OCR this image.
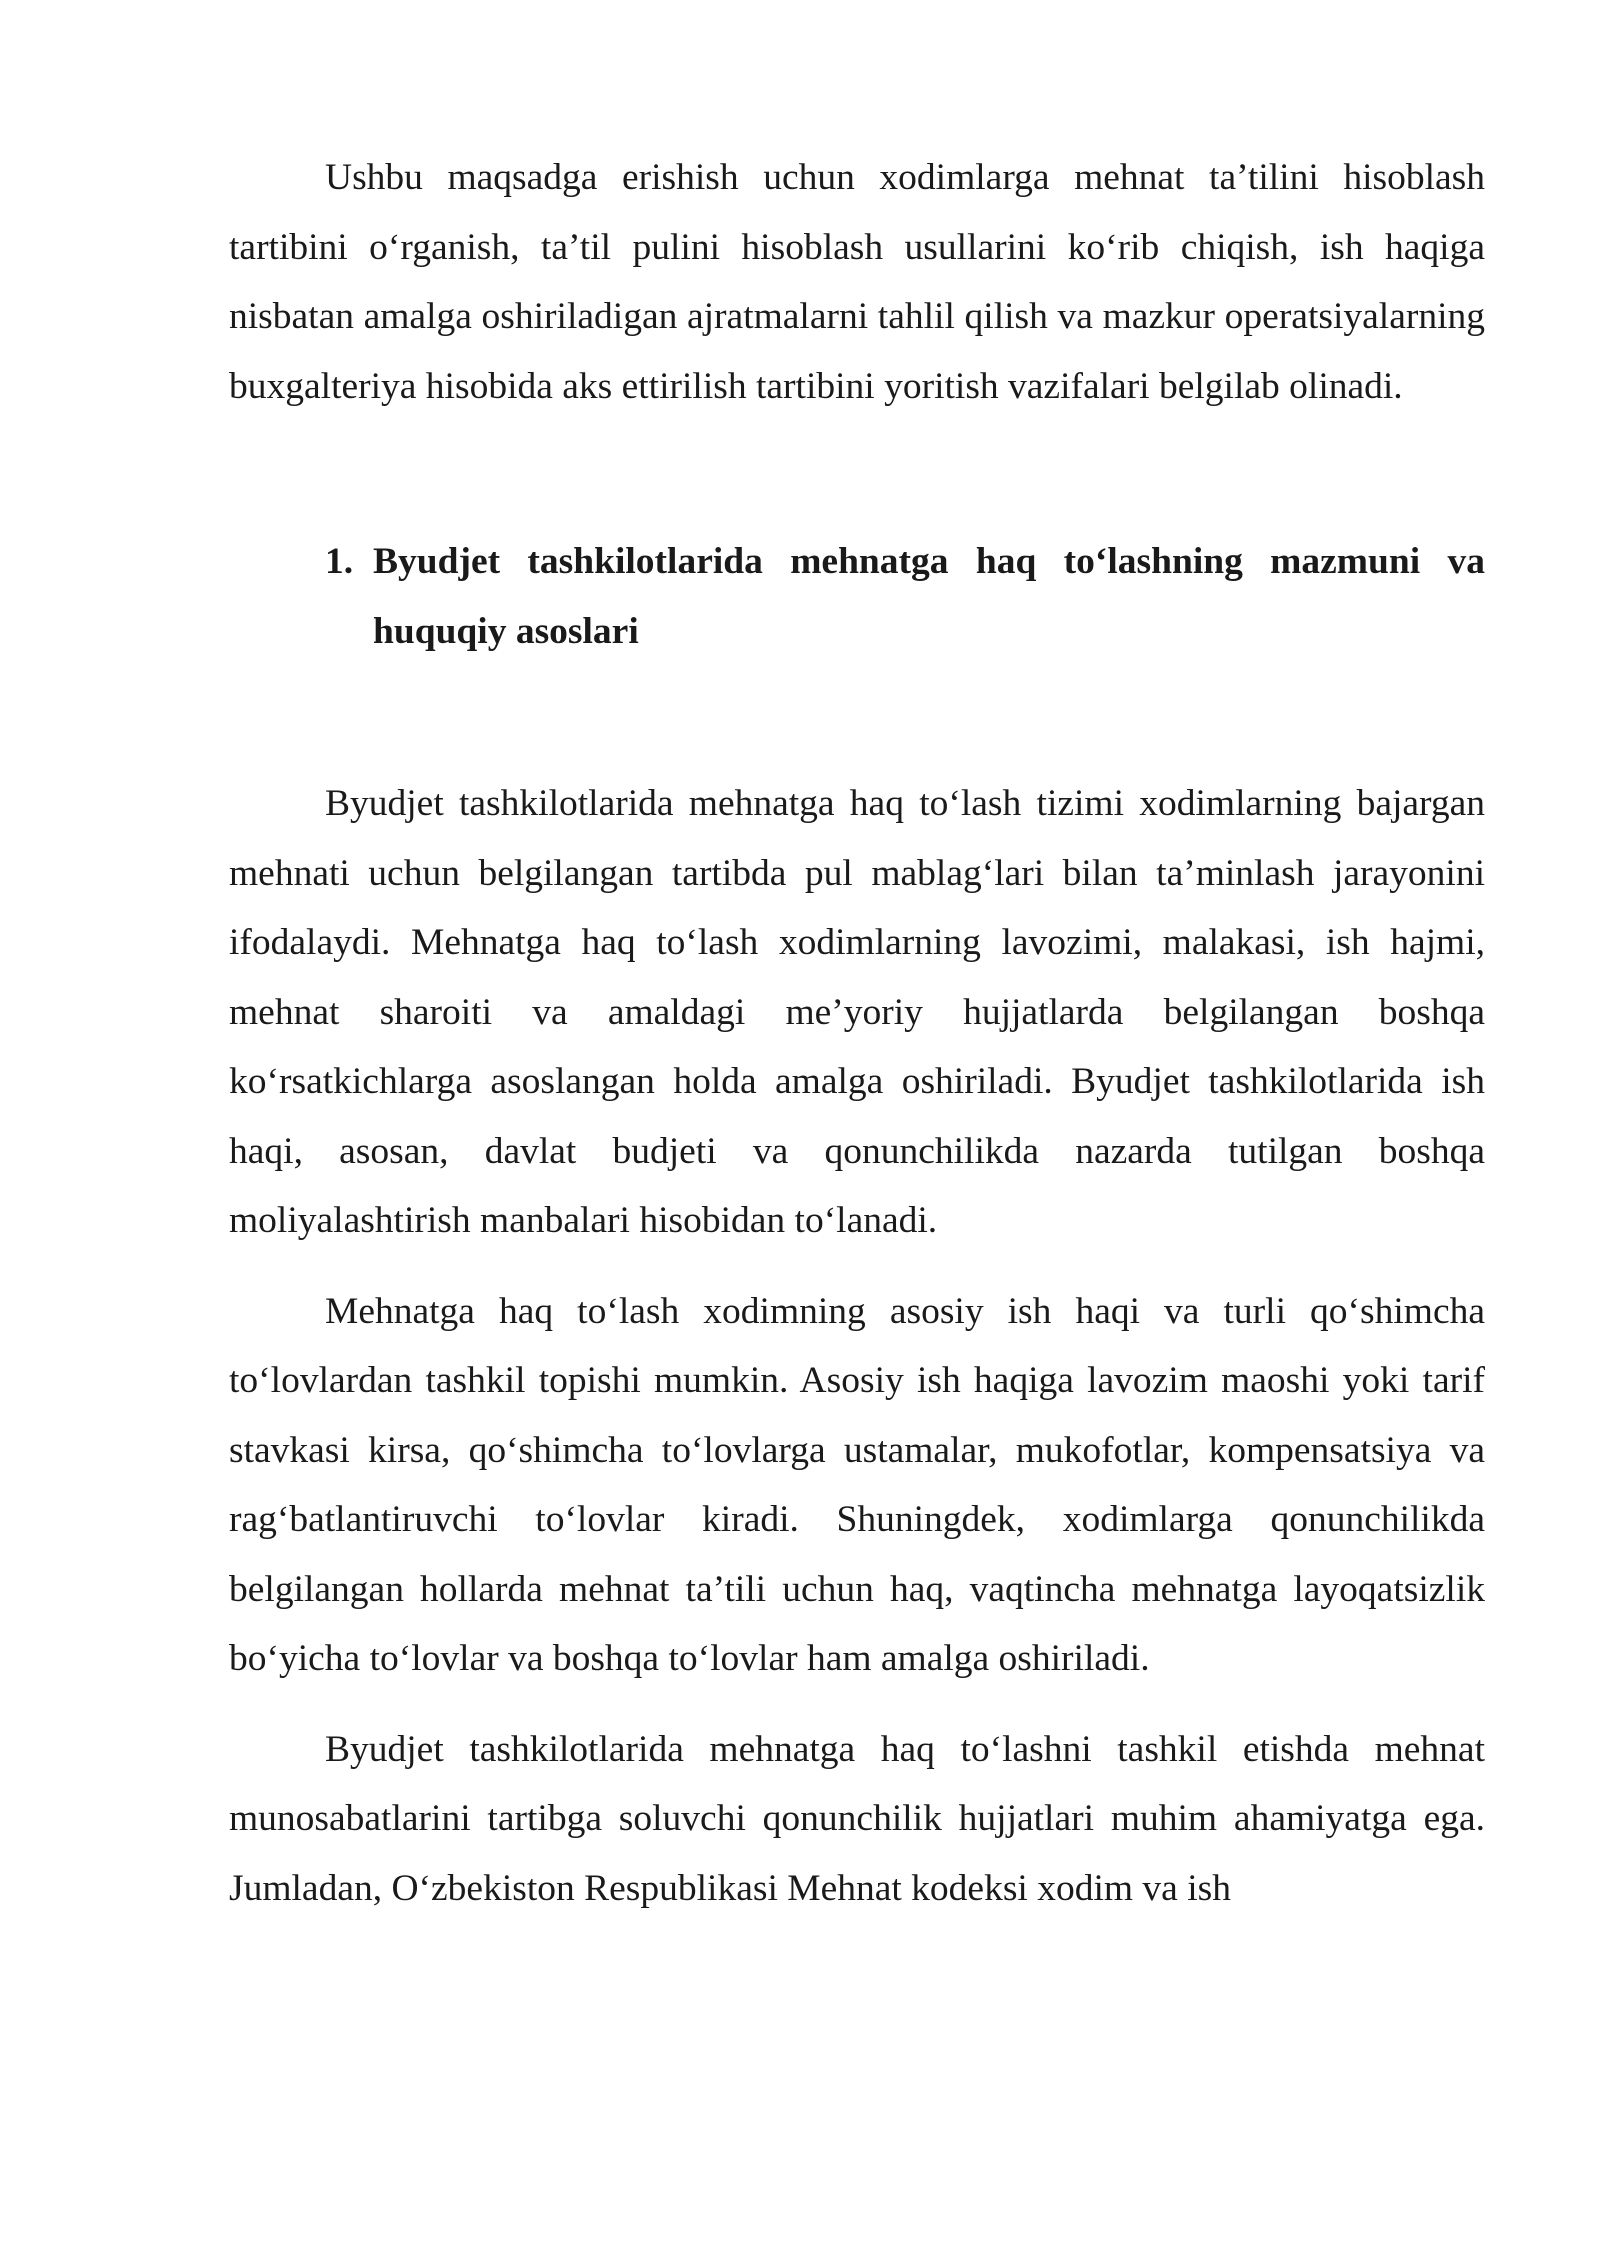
Ushbu maqsadga erishish uchun xodimlarga mehnat ta’tilini hisoblash tartibini o‘rganish, ta’til pulini hisoblash usullarini ko‘rib chiqish, ish haqiga nisbatan amalga oshiriladigan ajratmalarni tahlil qilish va mazkur operatsiyalarning buxgalteriya hisobida aks ettirilish tartibini yoritish vazifalari belgilab olinadi.

1. Byudjet tashkilotlarida mehnatga haq to‘lashning mazmuni va huquqiy asoslari

Byudjet tashkilotlarida mehnatga haq to‘lash tizimi xodimlarning bajargan mehnati uchun belgilangan tartibda pul mablag‘lari bilan ta’minlash jarayonini ifodalaydi. Mehnatga haq to‘lash xodimlarning lavozimi, malakasi, ish hajmi, mehnat sharoiti va amaldagi me’yoriy hujjatlarda belgilangan boshqa ko‘rsatkichlarga asoslangan holda amalga oshiriladi. Byudjet tashkilotlarida ish haqi, asosan, davlat budjeti va qonunchilikda nazarda tutilgan boshqa moliyalashtirish manbalari hisobidan to‘lanadi.

Mehnatga haq to‘lash xodimning asosiy ish haqi va turli qo‘shimcha to‘lovlardan tashkil topishi mumkin. Asosiy ish haqiga lavozim maoshi yoki tarif stavkasi kirsa, qo‘shimcha to‘lovlarga ustamalar, mukofotlar, kompensatsiya va rag‘batlantiruvchi to‘lovlar kiradi. Shuningdek, xodimlarga qonunchilikda belgilangan hollarda mehnat ta’tili uchun haq, vaqtincha mehnatga layoqatsizlik bo‘yicha to‘lovlar va boshqa to‘lovlar ham amalga oshiriladi.

Byudjet tashkilotlarida mehnatga haq to‘lashni tashkil etishda mehnat munosabatlarini tartibga soluvchi qonunchilik hujjatlari muhim ahamiyatga ega. Jumladan, O‘zbekiston Respublikasi Mehnat kodeksi xodim va ish
